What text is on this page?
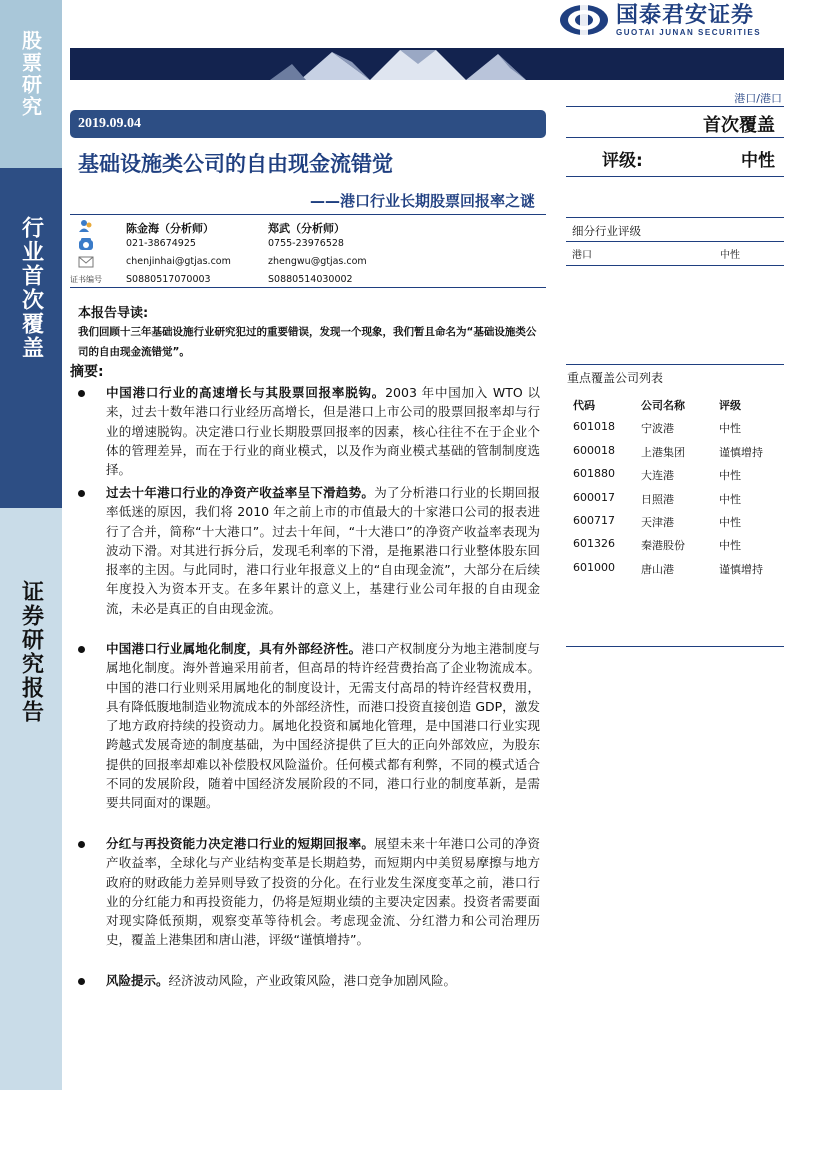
股票研究
行业首次覆盖
证券研究报告
国泰君安证券
GUOTAI JUNAN SECURITIES
港口/港口
2019.09.04
基础设施类公司的自由现金流错觉
——港口行业长期股票回报率之谜
陈金海（分析师）	郑武（分析师）
021-38674925	0755-23976528
chenjinhai@gtjas.com	zhengwu@gtjas.com
证书编号	S0880517070003	S0880514030002
首次覆盖
评级:	中性
细分行业评级
港口	中性
重点覆盖公司列表
代码	公司名称	评级
601018 宁波港	中性
600018 上港集团	谨慎增持
601880 大连港	中性
600017 日照港	中性
600717 天津港	中性
601326 秦港股份	中性
601000 唐山港	谨慎增持
本报告导读:
我们回顾十三年基础设施行业研究犯过的重要错误，发现一个现象，我们暂且命名为“基础设施类公司的自由现金流错觉”。
摘要:

中国港口行业的高速增长与其股票回报率脱钩。2003 年中国加入 WTO 以来，过去十数年港口行业经历高增长，但是港口上市公司的股票回报率却与行业的增速脱钩。决定港口行业长期股票回报率的因素，核心往往不在于企业个体的管理差异，而在于行业的商业模式，以及作为商业模式基础的管制制度选择。

过去十年港口行业的净资产收益率呈下滑趋势。为了分析港口行业的长期回报率低迷的原因，我们将 2010 年之前上市的市值最大的十家港口公司的报表进行了合并，简称“十大港口”。过去十年间，“十大港口”的净资产收益率表现为波动下滑。对其进行拆分后，发现毛利率的下滑，是拖累港口行业整体股东回报率的主因。与此同时，港口行业年报意义上的“自由现金流”，大部分在后续年度投入为资本开支。在多年累计的意义上，基建行业公司年报的自由现金流，未必是真正的自由现金流。

中国港口行业属地化制度，具有外部经济性。港口产权制度分为地主港制度与属地化制度。海外普遍采用前者，但高昂的特许经营费抬高了企业物流成本。中国的港口行业则采用属地化的制度设计，无需支付高昂的特许经营权费用，具有降低腹地制造业物流成本的外部经济性，而港口投资直接创造 GDP，激发了地方政府持续的投资动力。属地化投资和属地化管理，是中国港口行业实现跨越式发展奇迹的制度基础，为中国经济提供了巨大的正向外部效应，为股东提供的回报率却难以补偿股权风险溢价。任何模式都有利弊，不同的模式适合不同的发展阶段，随着中国经济发展阶段的不同，港口行业的制度革新，是需要共同面对的课题。

分红与再投资能力决定港口行业的短期回报率。展望未来十年港口公司的净资产收益率，全球化与产业结构变革是长期趋势，而短期内中美贸易摩擦与地方政府的财政能力差异则导致了投资的分化。在行业发生深度变革之前，港口行业的分红能力和再投资能力，仍将是短期业绩的主要决定因素。投资者需要面对现实降低预期，观察变革等待机会。考虑现金流、分红潜力和公司治理历史，覆盖上港集团和唐山港，评级“谨慎增持”。

风险提示。经济波动风险，产业政策风险，港口竞争加剧风险。
